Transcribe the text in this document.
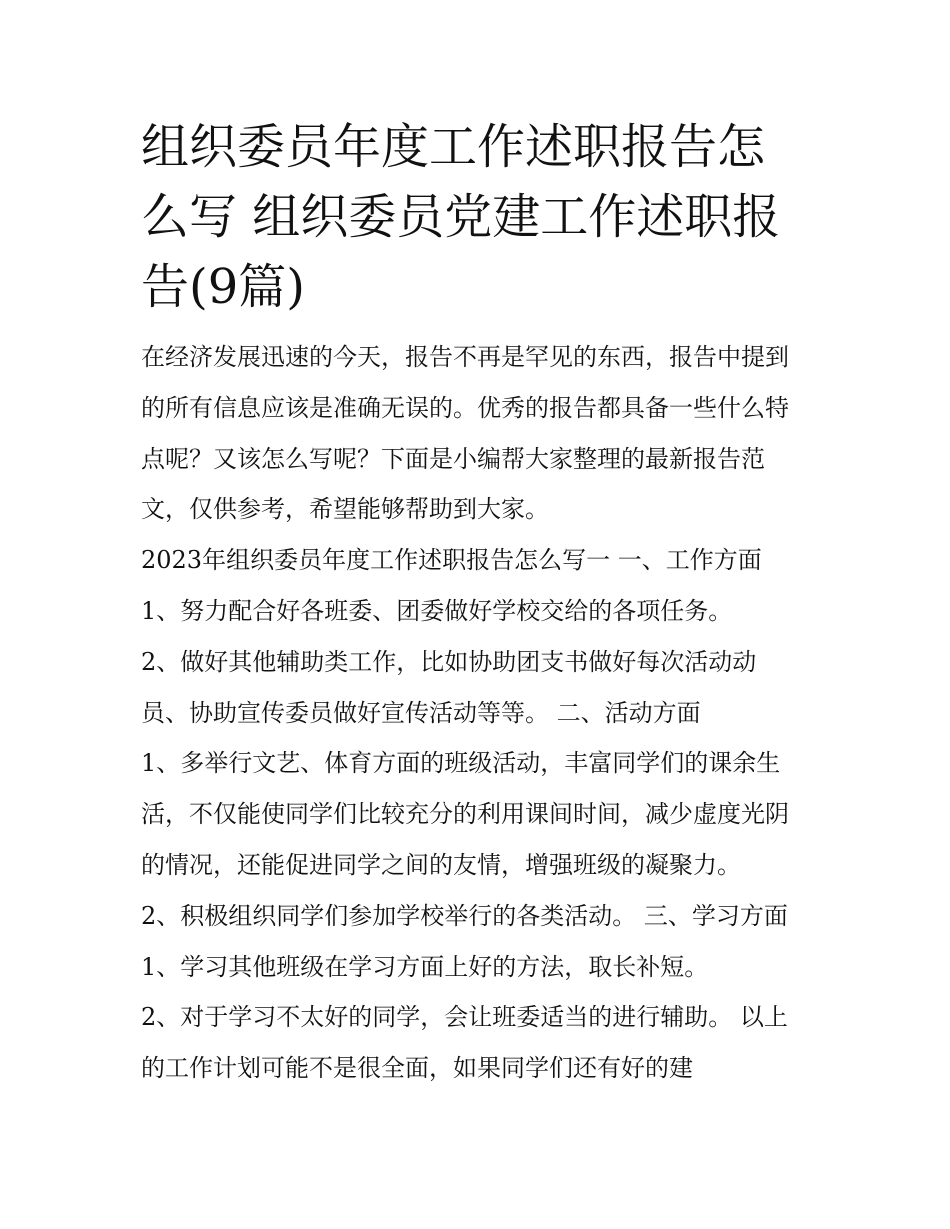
组织委员年度工作述职报告怎
么写 组织委员党建工作述职报
告(9篇)
在经济发展迅速的今天，报告不再是罕见的东西，报告中提到
的所有信息应该是准确无误的。优秀的报告都具备一些什么特
点呢？又该怎么写呢？下面是小编帮大家整理的最新报告范
文，仅供参考，希望能够帮助到大家。
2023年组织委员年度工作述职报告怎么写一 一、工作方面
1、努力配合好各班委、团委做好学校交给的各项任务。
2、做好其他辅助类工作，比如协助团支书做好每次活动动
员、协助宣传委员做好宣传活动等等。 二、活动方面
1、多举行文艺、体育方面的班级活动，丰富同学们的课余生
活，不仅能使同学们比较充分的利用课间时间，减少虚度光阴
的情况，还能促进同学之间的友情，增强班级的凝聚力。
2、积极组织同学们参加学校举行的各类活动。 三、学习方面
1、学习其他班级在学习方面上好的方法，取长补短。
2、对于学习不太好的同学，会让班委适当的进行辅助。 以上
的工作计划可能不是很全面，如果同学们还有好的建
